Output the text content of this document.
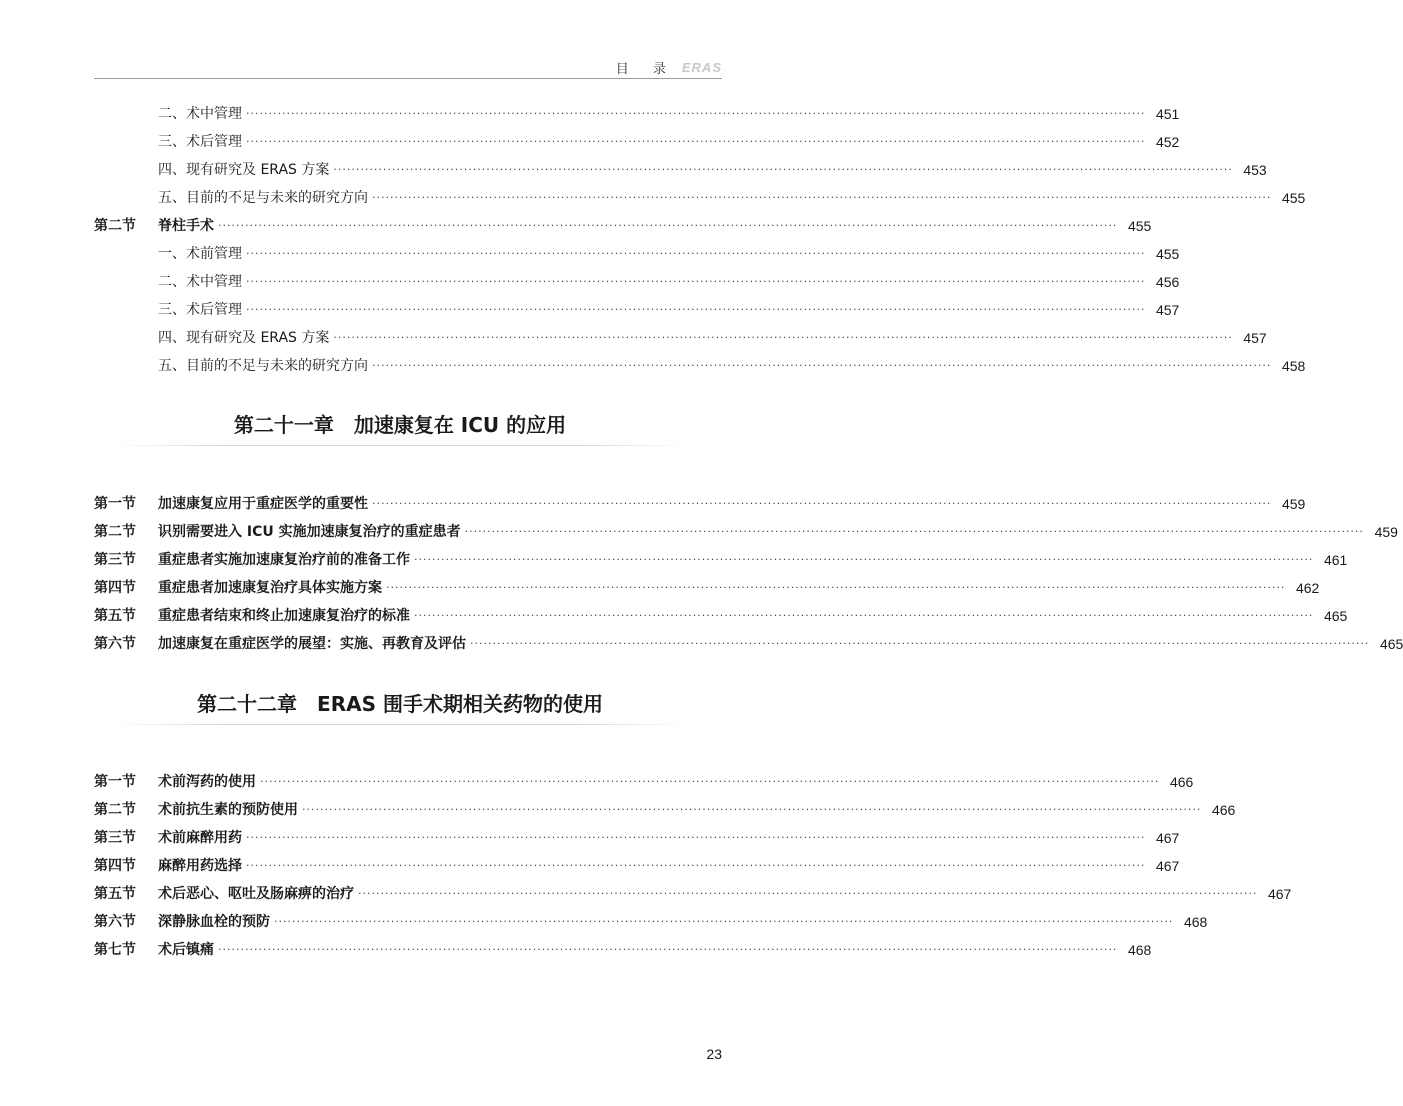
目 录 ERAS
二、术中管理 ········································································································································································································ 451
三、术后管理 ········································································································································································································ 452
四、现有研究及 ERAS 方案 ········································································································································································································ 453
五、目前的不足与未来的研究方向 ········································································································································································································ 455
第二节	脊柱手术 ········································································································································································································ 455
一、术前管理 ········································································································································································································ 455
二、术中管理 ········································································································································································································ 456
三、术后管理 ········································································································································································································ 457
四、现有研究及 ERAS 方案 ········································································································································································································ 457
五、目前的不足与未来的研究方向 ········································································································································································································ 458
第二十一章　加速康复在 ICU 的应用
第一节	加速康复应用于重症医学的重要性 ········································································································································································································ 459
第二节	识别需要进入 ICU 实施加速康复治疗的重症患者 ········································································································································································································ 459
第三节	重症患者实施加速康复治疗前的准备工作 ········································································································································································································ 461
第四节	重症患者加速康复治疗具体实施方案 ········································································································································································································ 462
第五节	重症患者结束和终止加速康复治疗的标准 ········································································································································································································ 465
第六节	加速康复在重症医学的展望：实施、再教育及评估 ········································································································································································································ 465
第二十二章　ERAS 围手术期相关药物的使用
第一节	术前泻药的使用 ········································································································································································································ 466
第二节	术前抗生素的预防使用 ········································································································································································································ 466
第三节	术前麻醉用药 ········································································································································································································ 467
第四节	麻醉用药选择 ········································································································································································································ 467
第五节	术后恶心、呕吐及肠麻痹的治疗 ········································································································································································································ 467
第六节	深静脉血栓的预防 ········································································································································································································ 468
第七节	术后镇痛 ········································································································································································································ 468
23
